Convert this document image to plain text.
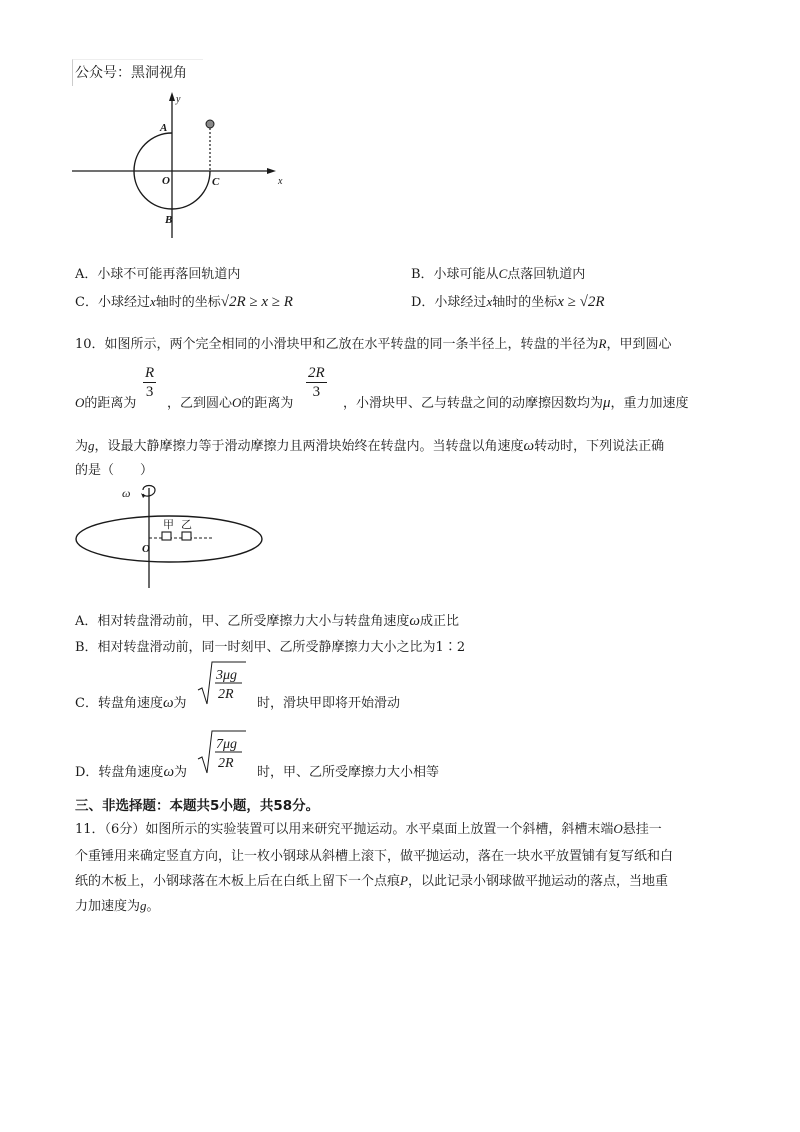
公众号：黑洞视角
y
x
A
B
O	C
A．小球不可能再落回轨道内	B．小球可能从C点落回轨道内
C．小球经过x轴时的坐标√2R ≥ x ≥ R	D．小球经过x轴时的坐标x ≥ √2R
10．如图所示，两个完全相同的小滑块甲和乙放在水平转盘的同一条半径上，转盘的半径为R，甲到圆心
O的距离为
$\frac{R}{3}$
，乙到圆心O的距离为
$\frac{2R}{3}$
，小滑块甲、乙与转盘之间的动摩擦因数均为μ，重力加速度
为g，设最大静摩擦力等于滑动摩擦力且两滑块始终在转盘内。当转盘以角速度ω转动时，下列说法正确
的是（　　）
ω
甲 乙
O
A．相对转盘滑动前，甲、乙所受摩擦力大小与转盘角速度ω成正比
B．相对转盘滑动前，同一时刻甲、乙所受静摩擦力大小之比为1∶2
C．转盘角速度ω为
3μg
2R
时，滑块甲即将开始滑动
D．转盘角速度ω为
7μg
2R
时，甲、乙所受摩擦力大小相等
三、非选择题：本题共5小题，共58分。
11．（6分）如图所示的实验装置可以用来研究平抛运动。水平桌面上放置一个斜槽，斜槽末端O悬挂一
个重锤用来确定竖直方向，让一枚小钢球从斜槽上滚下，做平抛运动，落在一块水平放置铺有复写纸和白
纸的木板上，小钢球落在木板上后在白纸上留下一个点痕P，以此记录小钢球做平抛运动的落点，当地重
力加速度为g。
